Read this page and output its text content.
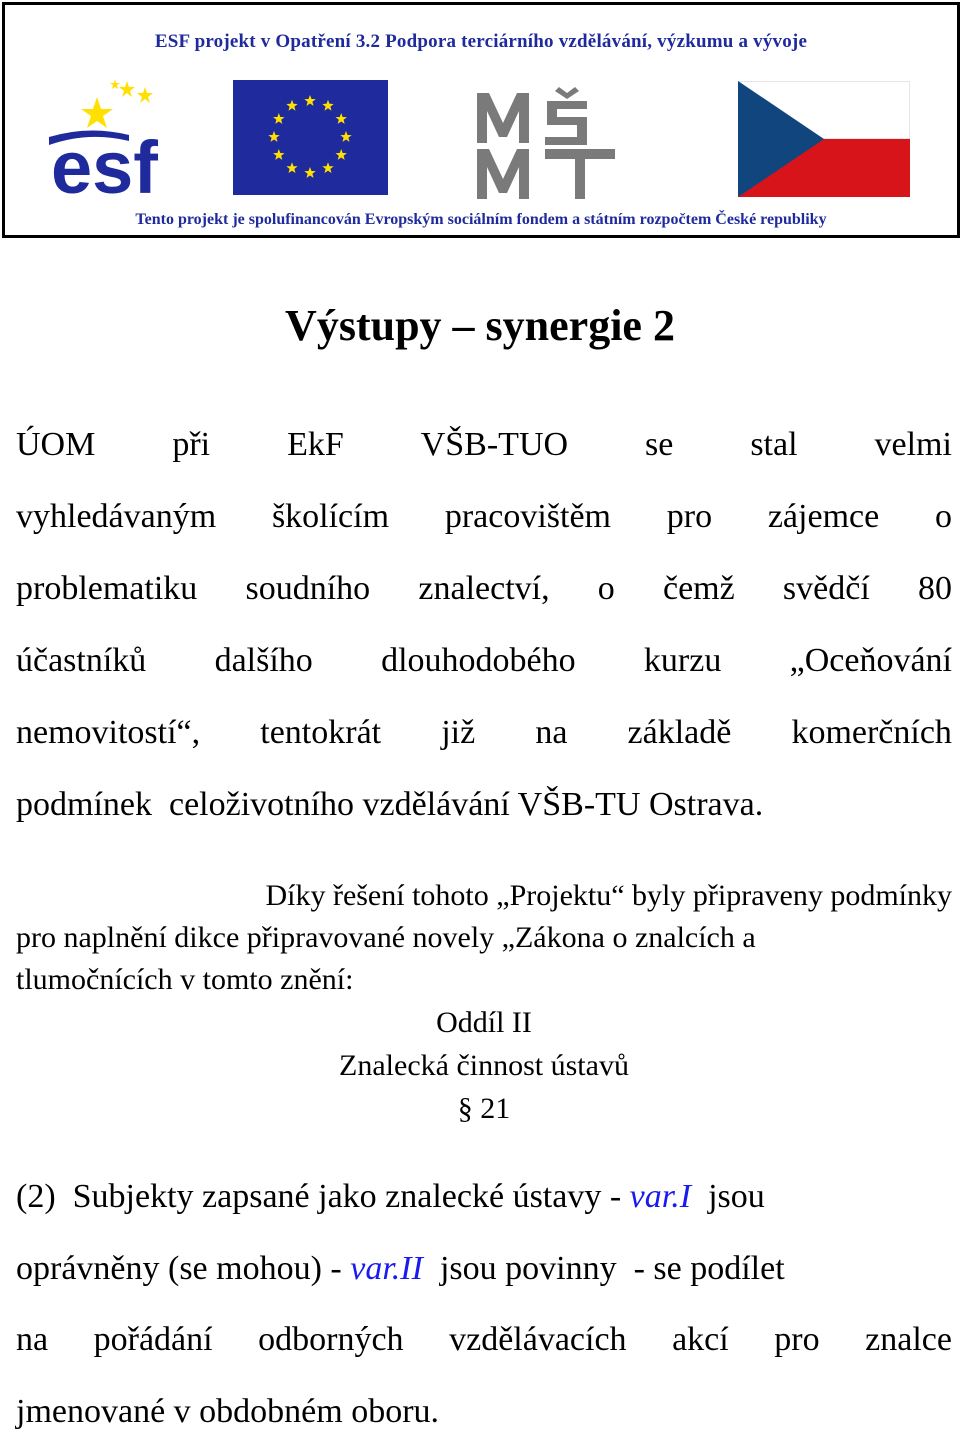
ESF projekt v Opatření 3.2 Podpora terciárního vzdělávání, výzkumu a vývoje
esf
MŠMT
Tento projekt je spolufinancován Evropským sociálním fondem a státním rozpočtem České republiky
Výstupy – synergie 2
ÚOM při EkF VŠB-TUO se stal velmi
vyhledávaným školícím pracovištěm pro zájemce o
problematiku soudního znalectví, o čemž svědčí 80
účastníků dalšího dlouhodobého kurzu „Oceňování
nemovitostí“, tentokrát již na základě komerčních
podmínek  celoživotního vzdělávání VŠB-TU Ostrava.
Díky řešení tohoto „Projektu“ byly připraveny podmínky
pro naplnění dikce připravované novely „Zákona o znalcích a
tlumočnících v tomto znění:
Oddíl II
Znalecká činnost ústavů
§ 21
(2)  Subjekty zapsané jako znalecké ústavy - var.I  jsou
oprávněny (se mohou) - var.II  jsou povinny  - se podílet
na pořádání odborných vzdělávacích akcí pro znalce
jmenované v obdobném oboru.
